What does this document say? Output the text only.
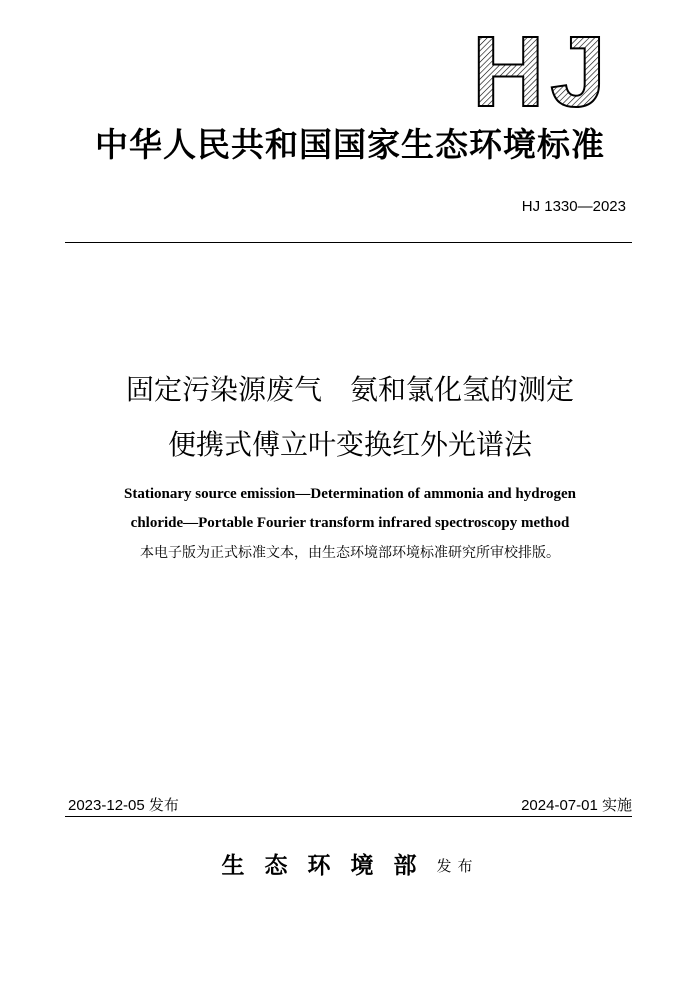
HJ
中华人民共和国国家生态环境标准
HJ 1330—2023
固定污染源废气 氨和氯化氢的测定
便携式傅立叶变换红外光谱法
Stationary source emission—Determination of ammonia and hydrogen
chloride—Portable Fourier transform infrared spectroscopy method
本电子版为正式标准文本，由生态环境部环境标准研究所审校排版。
2023-12-05 发布	2024-07-01 实施
生态环境部发布
